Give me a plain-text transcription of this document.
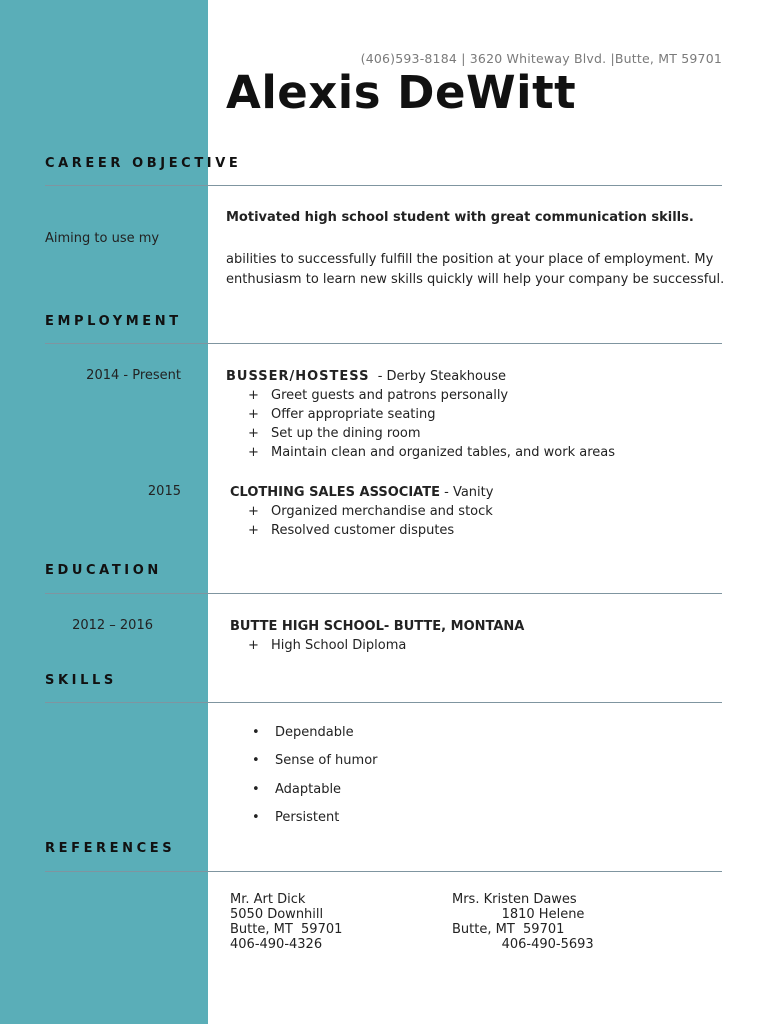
(406)593-8184 | 3620 Whiteway Blvd. |Butte, MT 59701
Alexis DeWitt
CAREER OBJECTIVE
Aiming to use my
Motivated high school student with great communication skills.
abilities to successfully fulfill the position at your place of employment. My
enthusiasm to learn new skills quickly will help your company be successful.
EMPLOYMENT
2014 - Present	BUSSER/HOSTESS  - Derby Steakhouse
+ Greet guests and patrons personally
+ Offer appropriate seating
+ Set up the dining room
+ Maintain clean and organized tables, and work areas
2015	CLOTHING SALES ASSOCIATE - Vanity
+ Organized merchandise and stock
+ Resolved customer disputes
EDUCATION
2012 – 2016	BUTTE HIGH SCHOOL- BUTTE, MONTANA
+ High School Diploma
SKILLS
• Dependable
• Sense of humor
• Adaptable
• Persistent
REFERENCES
Mr. Art Dick
5050 Downhill
Butte, MT  59701
406-490-4326
Mrs. Kristen Dawes
1810 Helene
Butte, MT  59701
406-490-5693
